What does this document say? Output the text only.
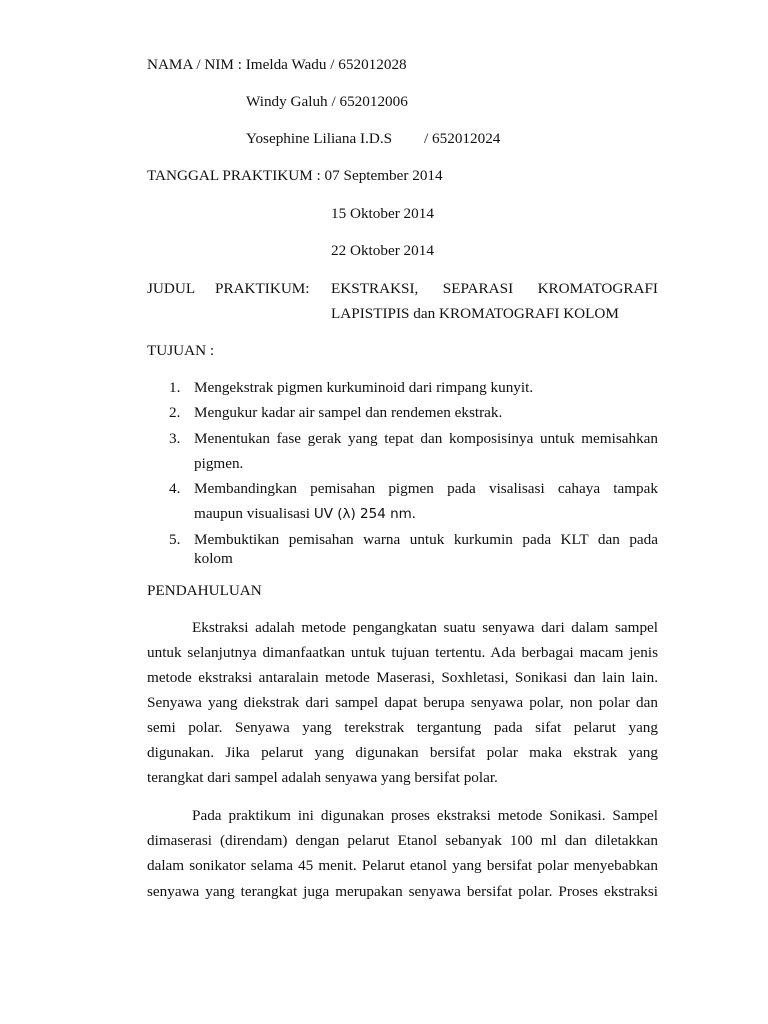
NAMA / NIM : Imelda Wadu / 652012028
Windy Galuh / 652012006
Yosephine Liliana I.D.S / 652012024
TANGGAL PRAKTIKUM : 07 September 2014
15 Oktober 2014
22 Oktober 2014
JUDUL PRAKTIKUM: EKSTRAKSI, SEPARASI KROMATOGRAFI
LAPISTIPIS dan KROMATOGRAFI KOLOM
TUJUAN :
1. Mengekstrak pigmen kurkuminoid dari rimpang kunyit.
2. Mengukur kadar air sampel dan rendemen ekstrak.
3. Menentukan fase gerak yang tepat dan komposisinya untuk memisahkan
pigmen.
4. Membandingkan pemisahan pigmen pada visalisasi cahaya tampak
maupun visualisasi UV (λ) 254 nm.
5. Membuktikan pemisahan warna untuk kurkumin pada KLT dan pada
kolom
PENDAHULUAN
Ekstraksi adalah metode pengangkatan suatu senyawa dari dalam sampel
untuk selanjutnya dimanfaatkan untuk tujuan tertentu. Ada berbagai macam jenis
metode ekstraksi antaralain metode Maserasi, Soxhletasi, Sonikasi dan lain lain.
Senyawa yang diekstrak dari sampel dapat berupa senyawa polar, non polar dan
semi polar. Senyawa yang terekstrak tergantung pada sifat pelarut yang
digunakan. Jika pelarut yang digunakan bersifat polar maka ekstrak yang
terangkat dari sampel adalah senyawa yang bersifat polar.
Pada praktikum ini digunakan proses ekstraksi metode Sonikasi. Sampel
dimaserasi (direndam) dengan pelarut Etanol sebanyak 100 ml dan diletakkan
dalam sonikator selama 45 menit. Pelarut etanol yang bersifat polar menyebabkan
senyawa yang terangkat juga merupakan senyawa bersifat polar. Proses ekstraksi
